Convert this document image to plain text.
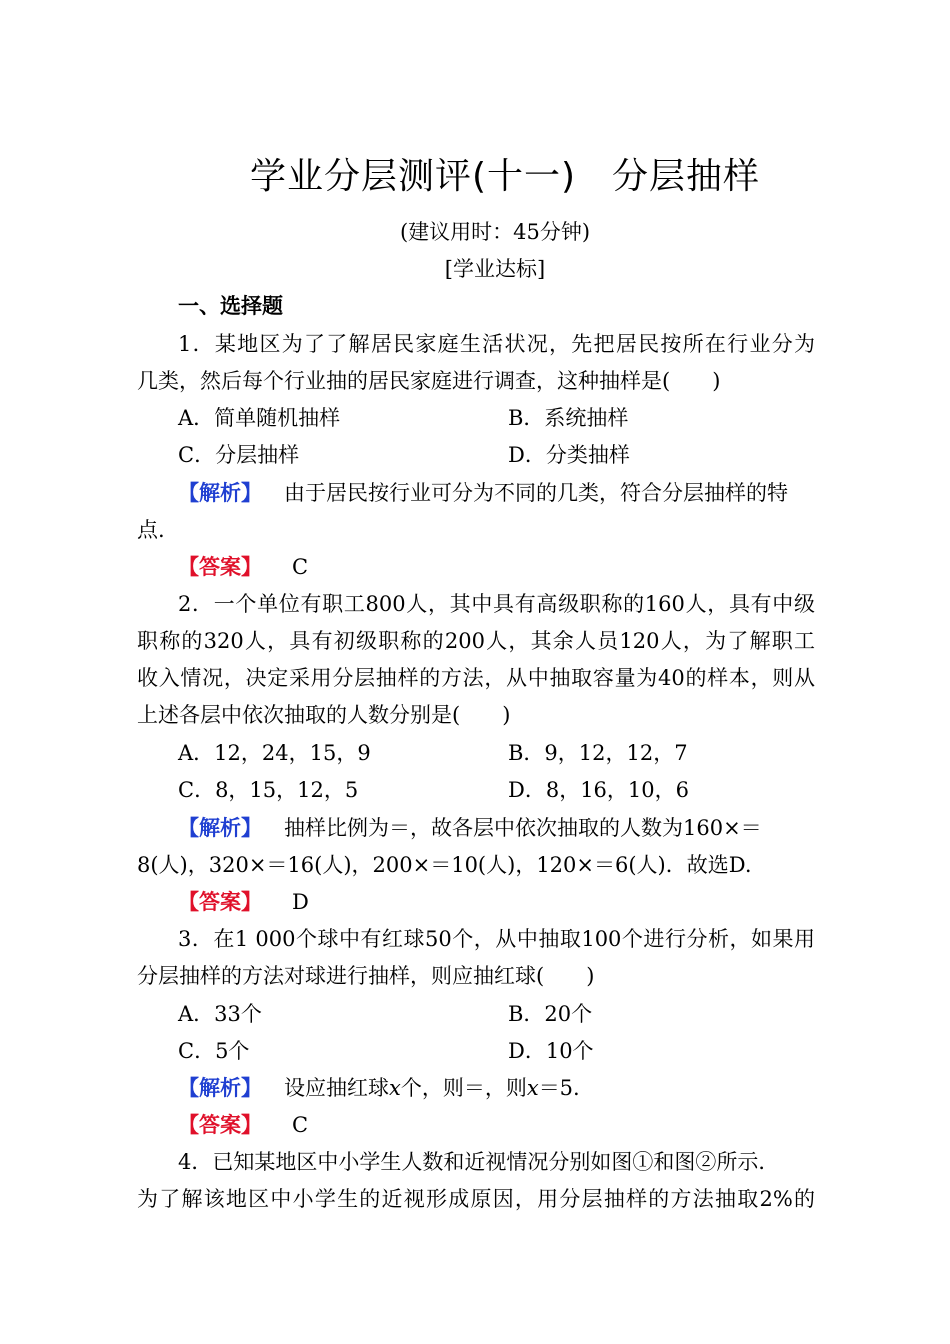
学业分层测评(十一) 分层抽样
(建议用时：45分钟)
[学业达标]
一、选择题
1．某地区为了了解居民家庭生活状况，先把居民按所在行业分为
几类，然后每个行业抽的居民家庭进行调查，这种抽样是(　　)
A．简单随机抽样	B．系统抽样
C．分层抽样	D．分类抽样
【解析】 由于居民按行业可分为不同的几类，符合分层抽样的特
点.
【答案】 C
2．一个单位有职工800人，其中具有高级职称的160人，具有中级
职称的320人，具有初级职称的200人，其余人员120人，为了解职工
收入情况，决定采用分层抽样的方法，从中抽取容量为40的样本，则从
上述各层中依次抽取的人数分别是(　　)
A．12，24，15，9	B．9，12，12，7
C．8，15，12，5	D．8，16，10，6
【解析】 抽样比例为＝，故各层中依次抽取的人数为160×＝
8(人)，320×＝16(人)，200×＝10(人)，120×＝6(人)．故选D.
【答案】 D
3．在1 000个球中有红球50个，从中抽取100个进行分析，如果用
分层抽样的方法对球进行抽样，则应抽红球(　　)
A．33个	B．20个
C．5个	D．10个
【解析】 设应抽红球x个，则＝，则x＝5.
【答案】 C
4．已知某地区中小学生人数和近视情况分别如图①和图②所示．
为了解该地区中小学生的近视形成原因，用分层抽样的方法抽取2%的
